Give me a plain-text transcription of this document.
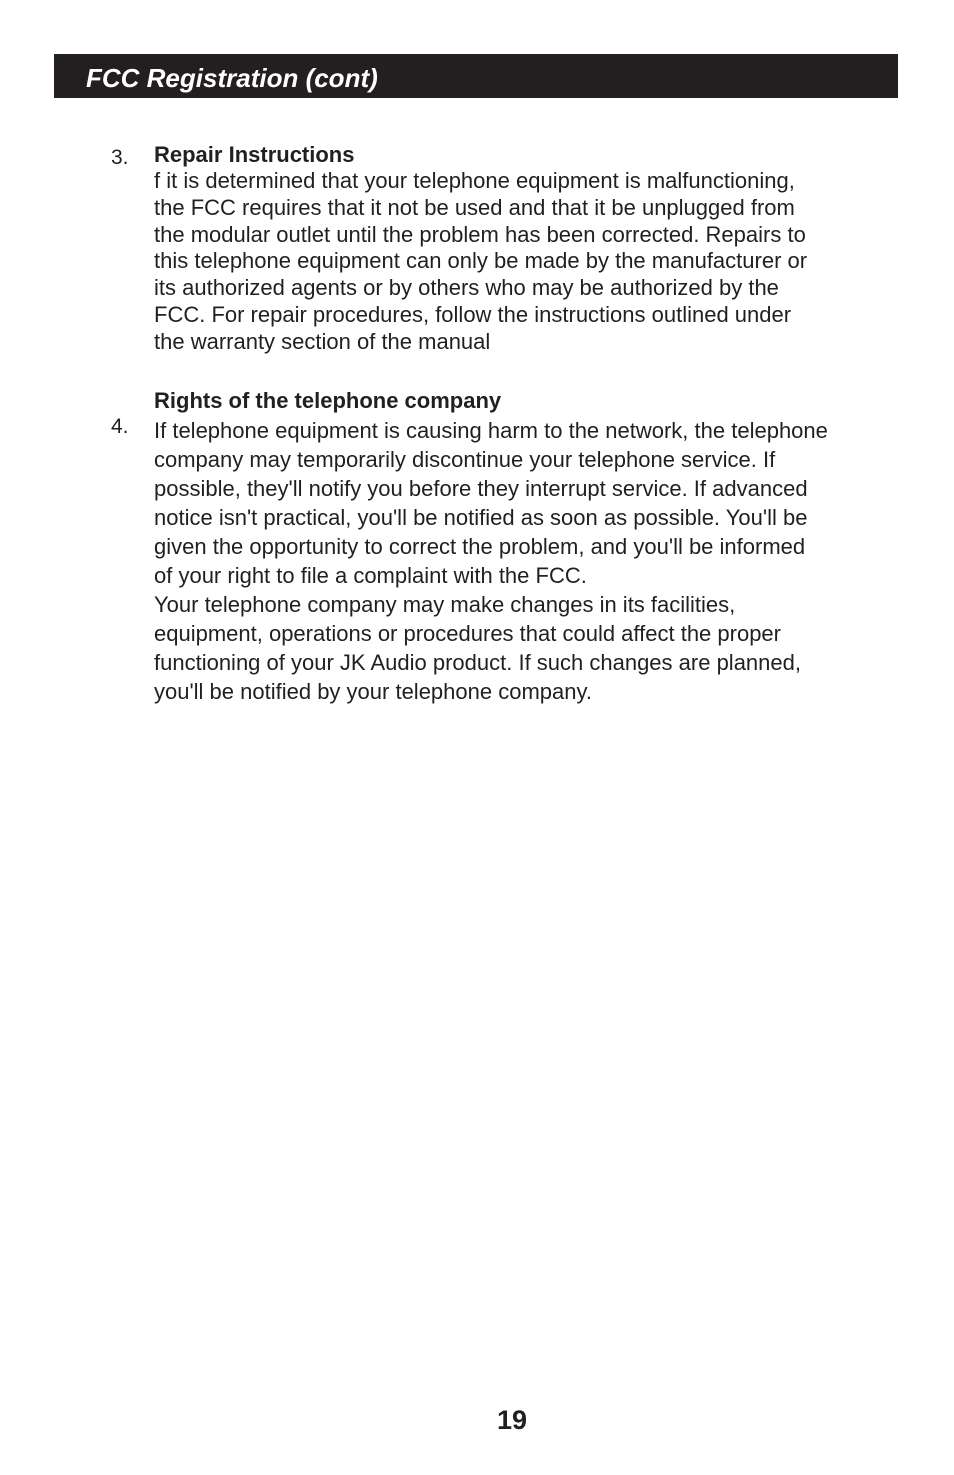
FCC Registration (cont)
3. Repair Instructions

f it is determined that your telephone equipment is malfunctioning,
the FCC requires that it not be used and that it be unplugged from
the modular outlet until the problem has been corrected. Repairs to
this telephone equipment can only be made by the manufacturer or
its authorized agents or by others who may be authorized by the
FCC. For repair procedures, follow the instructions outlined under
the warranty section of the manual

4.

Rights of the telephone company

If telephone equipment is causing harm to the network, the telephone
company may temporarily discontinue your telephone service. If
possible, they'll notify you before they interrupt service. If advanced
notice isn't practical, you'll be notified as soon as possible. You'll be
given the opportunity to correct the problem, and you'll be informed
of your right to file a complaint with the FCC.

Your telephone company may make changes in its facilities,
equipment, operations or procedures that could affect the proper
functioning of your JK Audio product. If such changes are planned,
you'll be notified by your telephone company.

19
